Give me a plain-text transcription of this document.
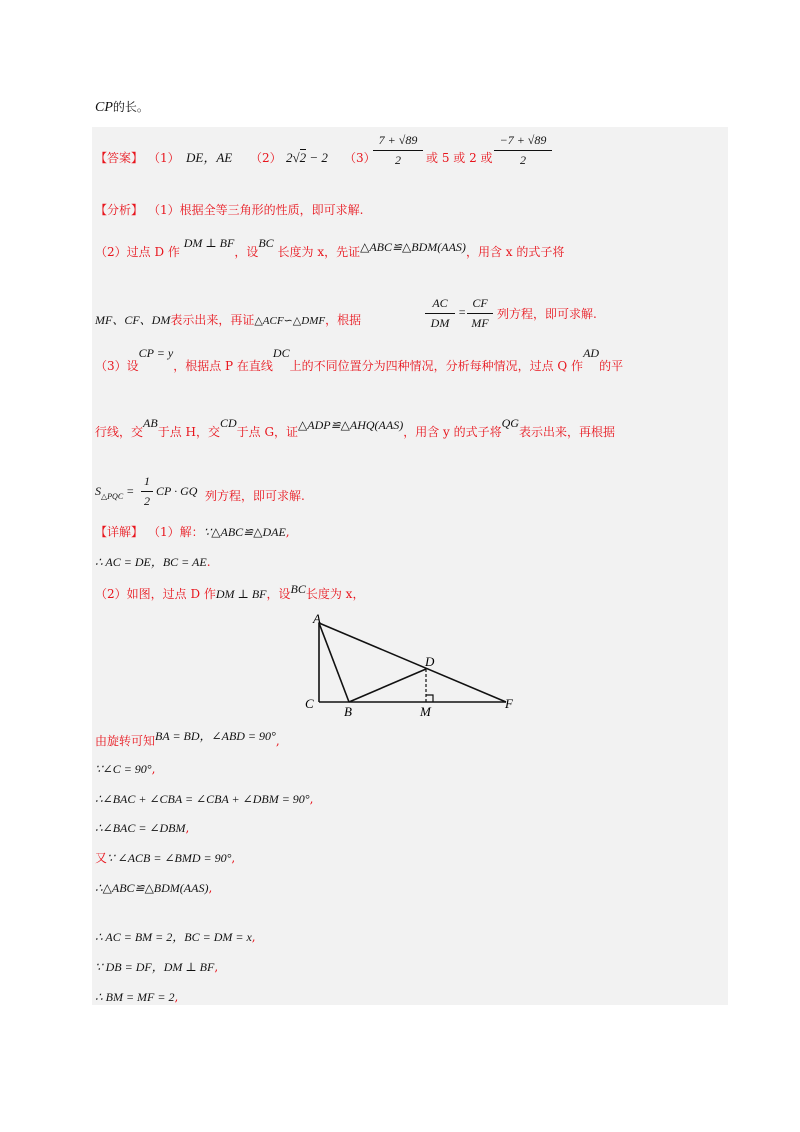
CP的长。
【答案】 （1） DE，AE （2） 2√2 − 2 （3）
$\frac{7 + √89}{2}$ 或 5 或 2 或 $\frac{-7 + √89}{2}$
【分析】 （1）根据全等三角形的性质，即可求解.
（2）过点 D 作 DM ⊥ BF，设BC 长度为 x，先证△ABC≌△BDM(AAS)，用含 x 的式子将
MF、CF、DM表示出来，再证△ACF∽△DMF，根据	$\frac{AC}{DM} = \frac{CF}{MF}$ 列方程，即可求解.
（3）设CP = y，根据点 P 在直线DC上的不同位置分为四种情况，分析每种情况，过点 Q 作AD的平
行线，交AB于点 H，交CD于点 G，证△ADP≌△AHQ(AAS)，用含 y 的式子将QG表示出来，再根据
$S_{\triangle PQC} = \frac{1}{2}$ CP · GQ 列方程，即可求解.
【详解】 （1）解：∵△ABC≌△DAE,
∴ AC = DE，BC = AE.
（2）如图，过点 D 作DM ⊥ BF，设BC长度为 x，
A
C
B	M
D
F
由旋转可知BA = BD，∠ABD = 90°,
∵∠C = 90°,
∴∠BAC + ∠CBA = ∠CBA + ∠DBM = 90°,
∴∠BAC = ∠DBM,
又∵ ∠ACB = ∠BMD = 90°,
∴△ABC≌△BDM(AAS),
∴ AC = BM = 2，BC = DM = x,
∵ DB = DF，DM ⊥ BF,
∴ BM = MF = 2,
